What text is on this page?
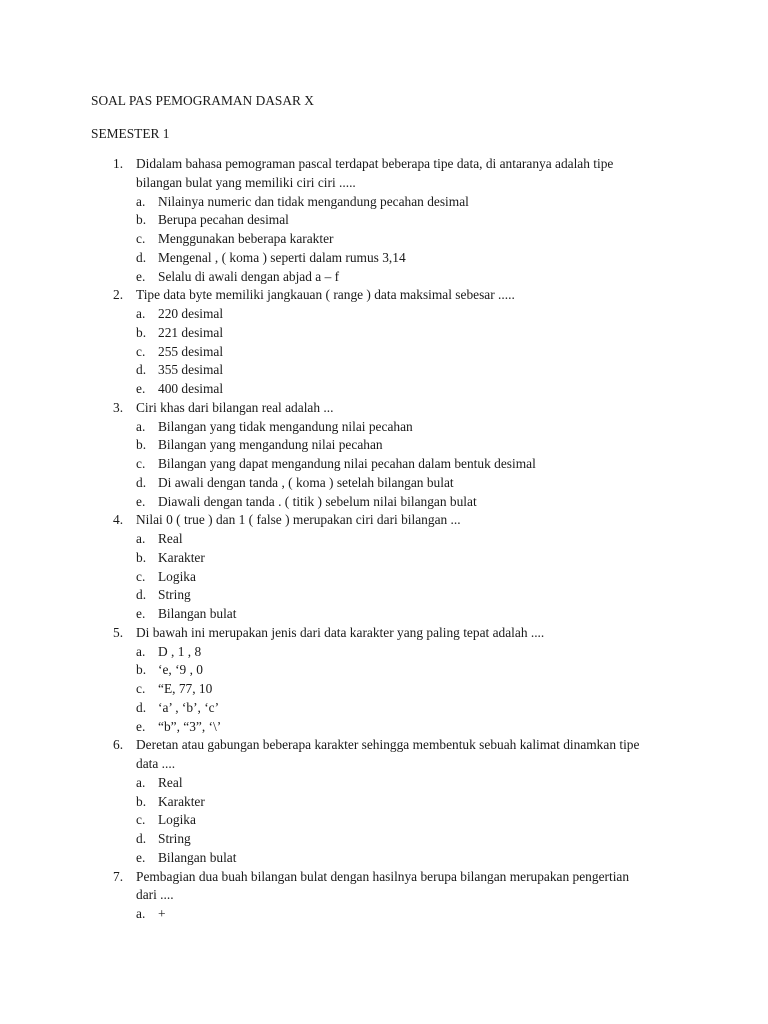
SOAL PAS PEMOGRAMAN DASAR X

SEMESTER 1

1. Didalam bahasa pemograman pascal terdapat beberapa tipe data, di antaranya adalah tipe bilangan bulat yang memiliki ciri ciri .....

a. Nilainya numeric dan tidak mengandung pecahan desimal
b. Berupa pecahan desimal
c. Menggunakan beberapa karakter
d. Mengenal , ( koma ) seperti dalam rumus 3,14
e. Selalu di awali dengan abjad a – f
2. Tipe data byte memiliki jangkauan ( range ) data maksimal sebesar .....

a. 220 desimal
b. 221 desimal
c. 255 desimal
d. 355 desimal
e. 400 desimal
3. Ciri khas dari bilangan real adalah ...

a. Bilangan yang tidak mengandung nilai pecahan
b. Bilangan yang mengandung nilai pecahan
c. Bilangan yang dapat mengandung nilai pecahan dalam bentuk desimal
d. Di awali dengan tanda , ( koma ) setelah bilangan bulat
e. Diawali dengan tanda . ( titik ) sebelum nilai bilangan bulat
4. Nilai 0 ( true ) dan 1 ( false ) merupakan ciri dari bilangan ...

a. Real
b. Karakter
c. Logika
d. String
e. Bilangan bulat
5. Di bawah ini merupakan jenis dari data karakter yang paling tepat adalah ....

a. D , 1 , 8
b. ‘e, ‘9 , 0
c. “E, 77, 10
d. ‘a’ , ‘b’, ‘c’
e. “b”, “3”, ‘\’
6. Deretan atau gabungan beberapa karakter sehingga membentuk sebuah kalimat dinamkan tipe data ....

a. Real
b. Karakter
c. Logika
d. String
e. Bilangan bulat
7. Pembagian dua buah bilangan bulat dengan hasilnya berupa bilangan merupakan pengertian dari ....

a. +
